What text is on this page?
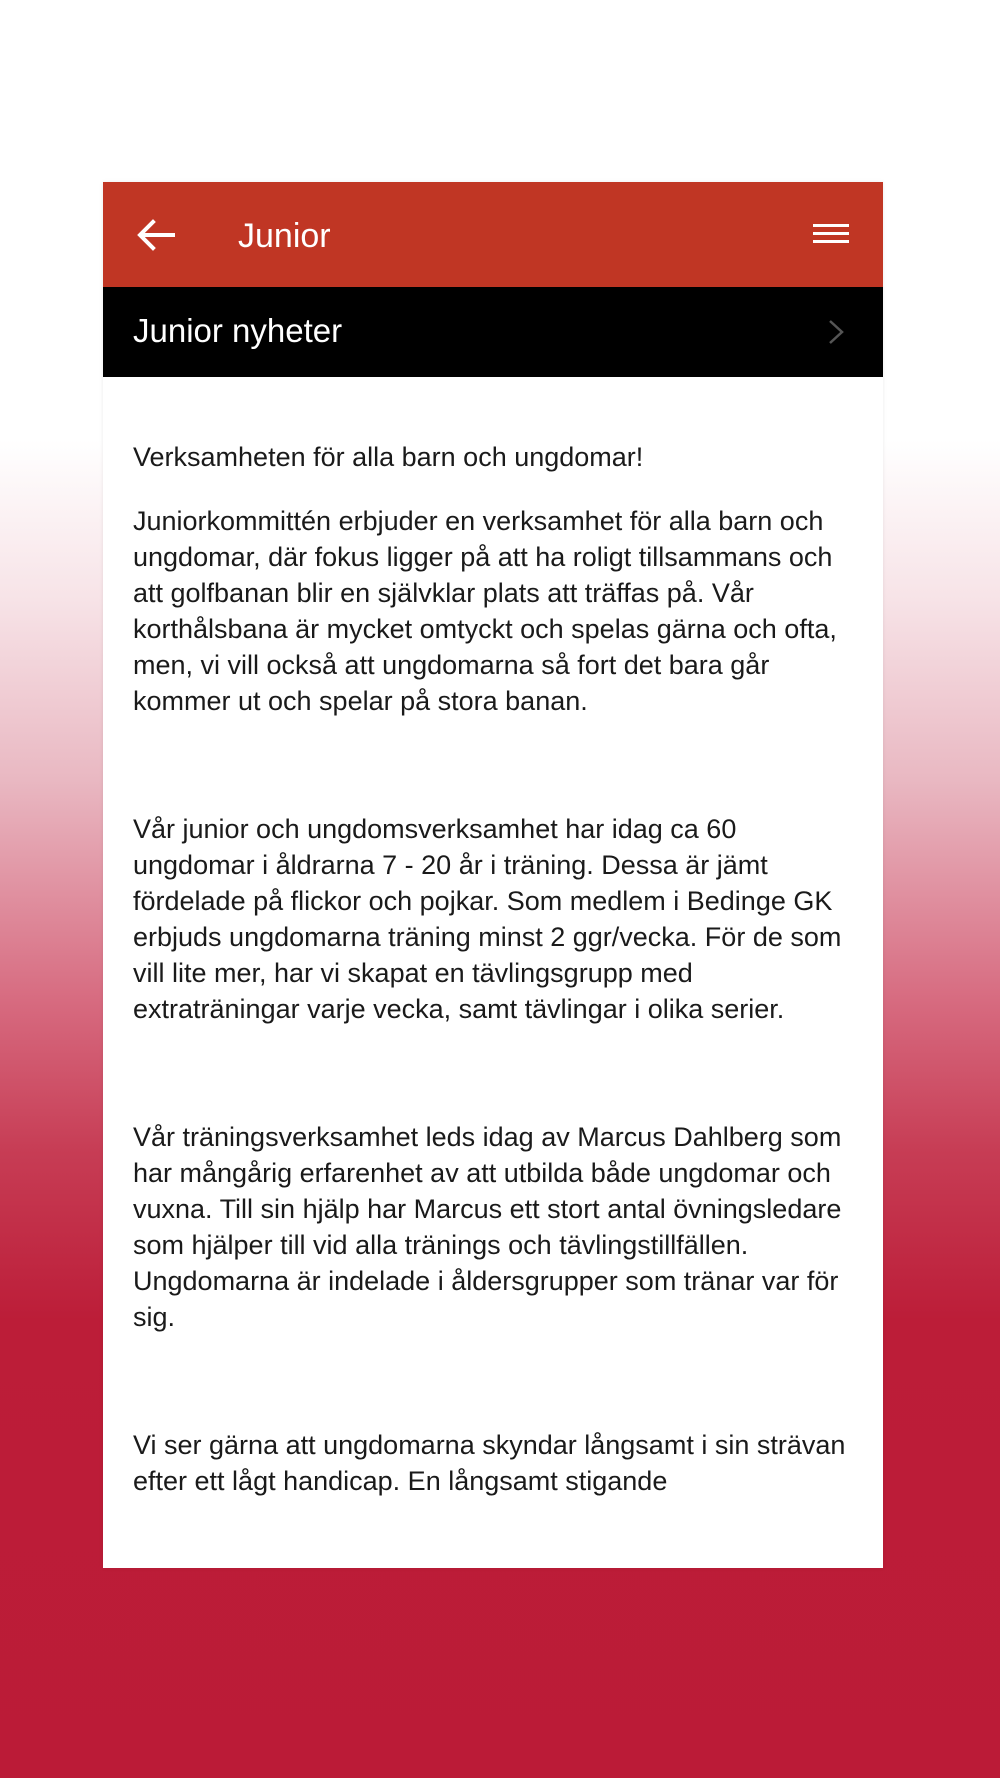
Junior
Junior nyheter

Verksamheten för alla barn och ungdomar!

Juniorkommittén erbjuder en verksamhet för alla barn och ungdomar, där fokus ligger på att ha roligt tillsammans och att golfbanan blir en självklar plats att träffas på. Vår korthålsbana är mycket omtyckt och spelas gärna och ofta, men, vi vill också att ungdomarna så fort det bara går kommer ut och spelar på stora banan.

Vår junior och ungdomsverksamhet har idag ca 60 ungdomar i åldrarna 7 - 20 år i träning. Dessa är jämt fördelade på flickor och pojkar. Som medlem i Bedinge GK erbjuds ungdomarna träning minst 2 ggr/vecka. För de som vill lite mer, har vi skapat en tävlingsgrupp med extraträningar varje vecka, samt tävlingar i olika serier.

Vår träningsverksamhet leds idag av Marcus Dahlberg som har mångårig erfarenhet av att utbilda både ungdomar och vuxna. Till sin hjälp har Marcus ett stort antal övningsledare som hjälper till vid alla tränings och tävlingstillfällen. Ungdomarna är indelade i åldersgrupper som tränar var för sig.

Vi ser gärna att ungdomarna skyndar långsamt i sin strävan efter ett lågt handicap. En långsamt stigande
